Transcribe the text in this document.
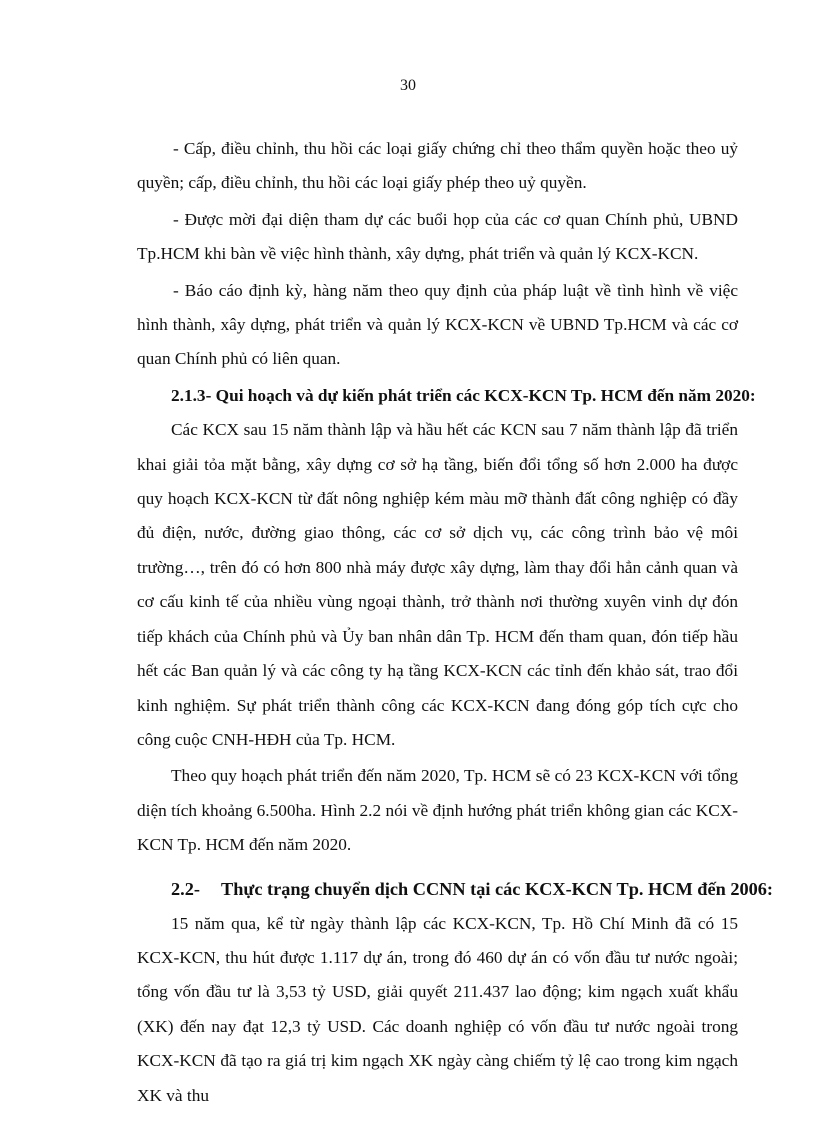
30

- Cấp, điều chỉnh, thu hồi các loại giấy chứng chỉ theo thẩm quyền hoặc theo uỷ quyền; cấp, điều chỉnh, thu hồi các loại giấy phép theo uỷ quyền.

- Được mời đại diện tham dự các buổi họp của các cơ quan Chính phủ, UBND Tp.HCM khi bàn về việc hình thành, xây dựng, phát triển và quản lý KCX-KCN.

- Báo cáo định kỳ, hàng năm theo quy định của pháp luật về tình hình về việc hình thành, xây dựng, phát triển và quản lý KCX-KCN về UBND Tp.HCM và các cơ quan Chính phủ có liên quan.

2.1.3- Qui hoạch và dự kiến phát triển các KCX-KCN Tp. HCM đến năm 2020:

Các KCX sau 15 năm thành lập và hầu hết các KCN sau 7 năm thành lập đã triển khai giải tỏa mặt bằng, xây dựng cơ sở hạ tầng, biến đổi tổng số hơn 2.000 ha được quy hoạch KCX-KCN từ đất nông nghiệp kém màu mỡ thành đất công nghiệp có đầy đủ điện, nước, đường giao thông, các cơ sở dịch vụ, các công trình bảo vệ môi trường…, trên đó có hơn 800 nhà máy được xây dựng, làm thay đổi hẳn cảnh quan và cơ cấu kinh tế của nhiều vùng ngoại thành, trở thành nơi thường xuyên vinh dự đón tiếp khách của Chính phủ và Ủy ban nhân dân Tp. HCM đến tham quan, đón tiếp hầu hết các Ban quản lý và các công ty hạ tầng KCX-KCN các tỉnh đến khảo sát, trao đổi kinh nghiệm. Sự phát triển thành công các KCX-KCN đang đóng góp tích cực cho công cuộc CNH-HĐH của Tp. HCM.

Theo quy hoạch phát triển đến năm 2020, Tp. HCM sẽ có 23 KCX-KCN với tổng diện tích khoảng 6.500ha. Hình 2.2 nói về định hướng phát triển không gian các KCX-KCN Tp. HCM đến năm 2020.

2.2- Thực trạng chuyển dịch CCNN tại các KCX-KCN Tp. HCM đến 2006:

15 năm qua, kể từ ngày thành lập các KCX-KCN, Tp. Hồ Chí Minh đã có 15 KCX-KCN, thu hút được 1.117 dự án, trong đó 460 dự án có vốn đầu tư nước ngoài; tổng vốn đầu tư là 3,53 tỷ USD, giải quyết 211.437 lao động; kim ngạch xuất khẩu (XK) đến nay đạt 12,3 tỷ USD. Các doanh nghiệp có vốn đầu tư nước ngoài trong KCX-KCN đã tạo ra giá trị kim ngạch XK ngày càng chiếm tỷ lệ cao trong kim ngạch XK và thu
